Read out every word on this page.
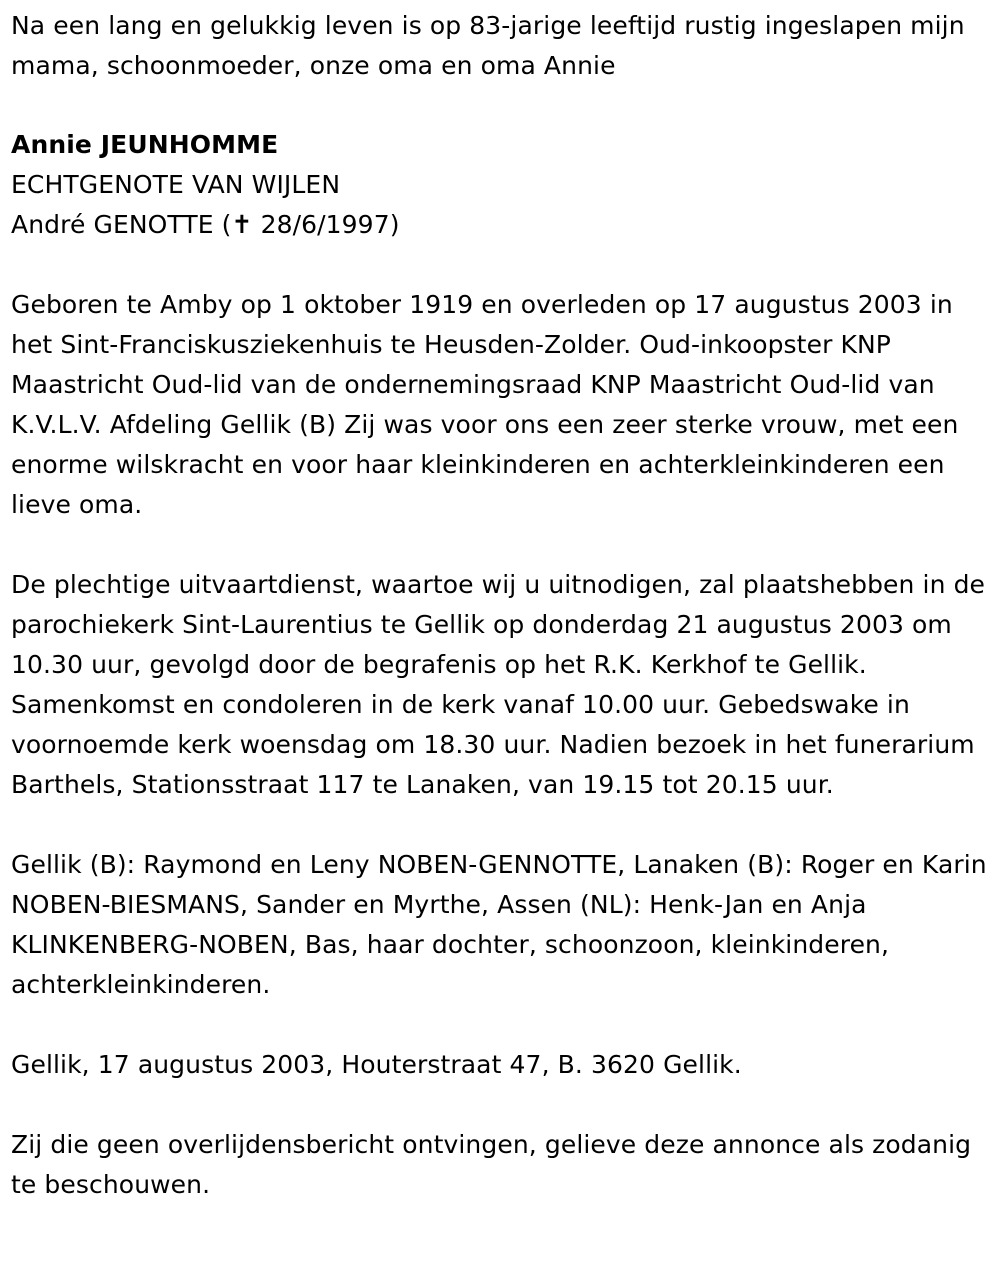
Na een lang en gelukkig leven is op 83-jarige leeftijd rustig ingeslapen mijn mama, schoonmoeder, onze oma en oma Annie

Annie JEUNHOMME

ECHTGENOTE VAN WIJLEN

André GENOTTE (✝ 28/6/1997)

Geboren te Amby op 1 oktober 1919 en overleden op 17 augustus 2003 in het Sint-Franciskusziekenhuis te Heusden-Zolder. Oud-inkoopster KNP Maastricht Oud-lid van de ondernemingsraad KNP Maastricht Oud-lid van K.V.L.V. Afdeling Gellik (B) Zij was voor ons een zeer sterke vrouw, met een enorme wilskracht en voor haar kleinkinderen en achterkleinkinderen een lieve oma.

De plechtige uitvaartdienst, waartoe wij u uitnodigen, zal plaatshebben in de parochiekerk Sint-Laurentius te Gellik op donderdag 21 augustus 2003 om 10.30 uur, gevolgd door de begrafenis op het R.K. Kerkhof te Gellik. Samenkomst en condoleren in de kerk vanaf 10.00 uur. Gebedswake in voornoemde kerk woensdag om 18.30 uur. Nadien bezoek in het funerarium Barthels, Stationsstraat 117 te Lanaken, van 19.15 tot 20.15 uur.

Gellik (B): Raymond en Leny NOBEN-GENNOTTE, Lanaken (B): Roger en Karin NOBEN-BIESMANS, Sander en Myrthe, Assen (NL): Henk-Jan en Anja KLINKENBERG-NOBEN, Bas, haar dochter, schoonzoon, kleinkinderen, achterkleinkinderen.

Gellik, 17 augustus 2003, Houterstraat 47, B. 3620 Gellik.

Zij die geen overlijdensbericht ontvingen, gelieve deze annonce als zodanig te beschouwen.
